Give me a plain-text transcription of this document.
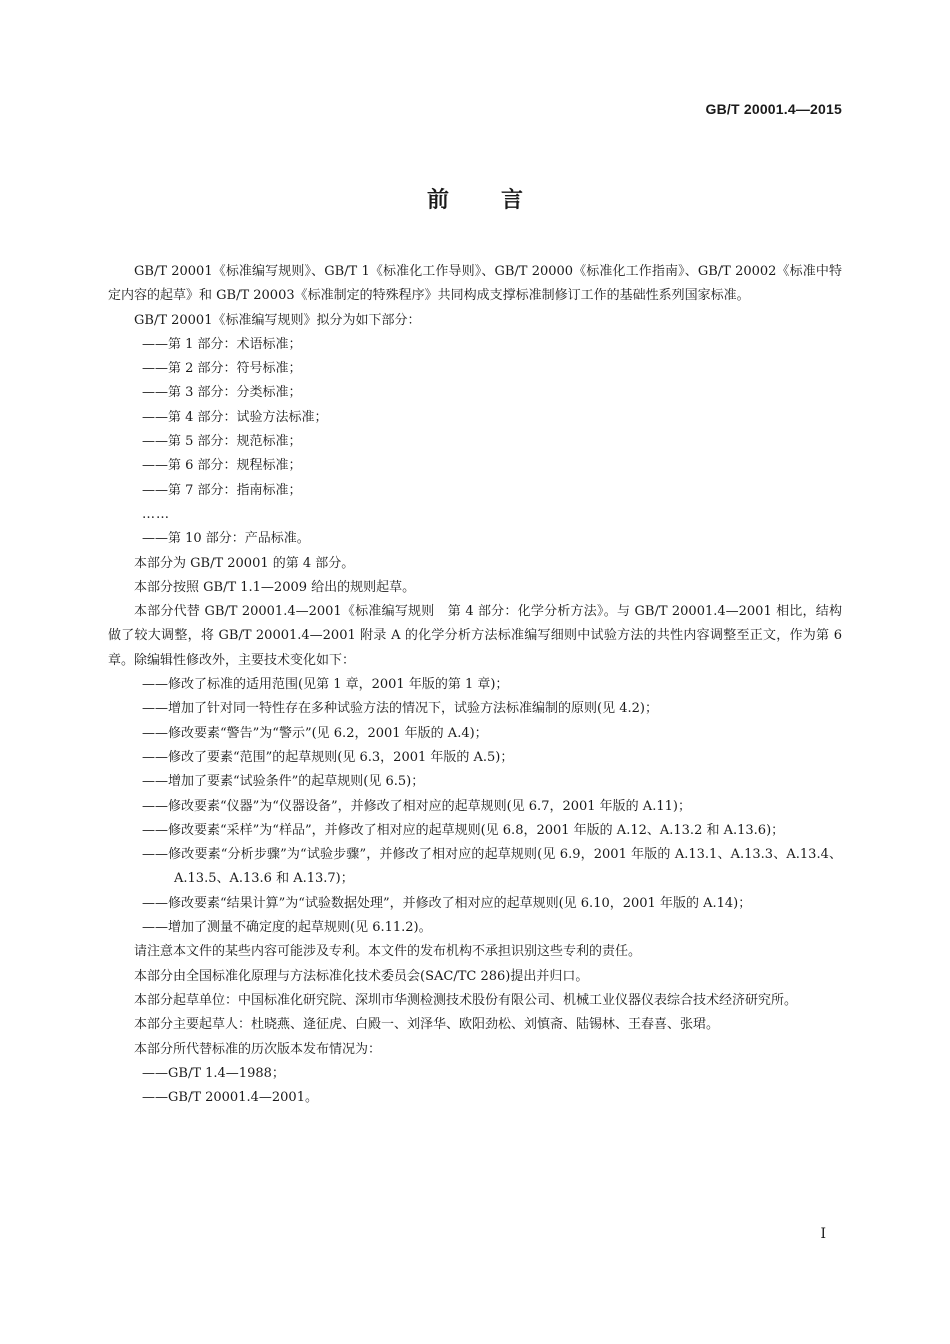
GB/T 20001.4—2015
前 言

GB/T 20001《标准编写规则》、GB/T 1《标准化工作导则》、GB/T 20000《标准化工作指南》、GB/T 20002《标准中特定内容的起草》和 GB/T 20003《标准制定的特殊程序》共同构成支撑标准制修订工作的基础性系列国家标准。

GB/T 20001《标准编写规则》拟分为如下部分：

——第 1 部分：术语标准；

——第 2 部分：符号标准；

——第 3 部分：分类标准；

——第 4 部分：试验方法标准；

——第 5 部分：规范标准；

——第 6 部分：规程标准；

——第 7 部分：指南标准；

……

——第 10 部分：产品标准。

本部分为 GB/T 20001 的第 4 部分。

本部分按照 GB/T 1.1—2009 给出的规则起草。

本部分代替 GB/T 20001.4—2001《标准编写规则　第 4 部分：化学分析方法》。与 GB/T 20001.4—2001 相比，结构做了较大调整，将 GB/T 20001.4—2001 附录 A 的化学分析方法标准编写细则中试验方法的共性内容调整至正文，作为第 6 章。除编辑性修改外，主要技术变化如下：

——修改了标准的适用范围(见第 1 章，2001 年版的第 1 章)；

——增加了针对同一特性存在多种试验方法的情况下，试验方法标准编制的原则(见 4.2)；

——修改要素“警告”为“警示”(见 6.2，2001 年版的 A.4)；

——修改了要素“范围”的起草规则(见 6.3，2001 年版的 A.5)；

——增加了要素“试验条件”的起草规则(见 6.5)；

——修改要素“仪器”为“仪器设备”，并修改了相对应的起草规则(见 6.7，2001 年版的 A.11)；

——修改要素“采样”为“样品”，并修改了相对应的起草规则(见 6.8，2001 年版的 A.12、A.13.2 和 A.13.6)；

——修改要素“分析步骤”为“试验步骤”，并修改了相对应的起草规则(见 6.9，2001 年版的 A.13.1、A.13.3、A.13.4、A.13.5、A.13.6 和 A.13.7)；

——修改要素“结果计算”为“试验数据处理”，并修改了相对应的起草规则(见 6.10，2001 年版的 A.14)；

——增加了测量不确定度的起草规则(见 6.11.2)。

请注意本文件的某些内容可能涉及专利。本文件的发布机构不承担识别这些专利的责任。

本部分由全国标准化原理与方法标准化技术委员会(SAC/TC 286)提出并归口。

本部分起草单位：中国标准化研究院、深圳市华测检测技术股份有限公司、机械工业仪器仪表综合技术经济研究所。

本部分主要起草人：杜晓燕、逄征虎、白殿一、刘泽华、欧阳劲松、刘慎斋、陆锡林、王春喜、张珺。

本部分所代替标准的历次版本发布情况为：

——GB/T 1.4—1988；

——GB/T 20001.4—2001。

I
